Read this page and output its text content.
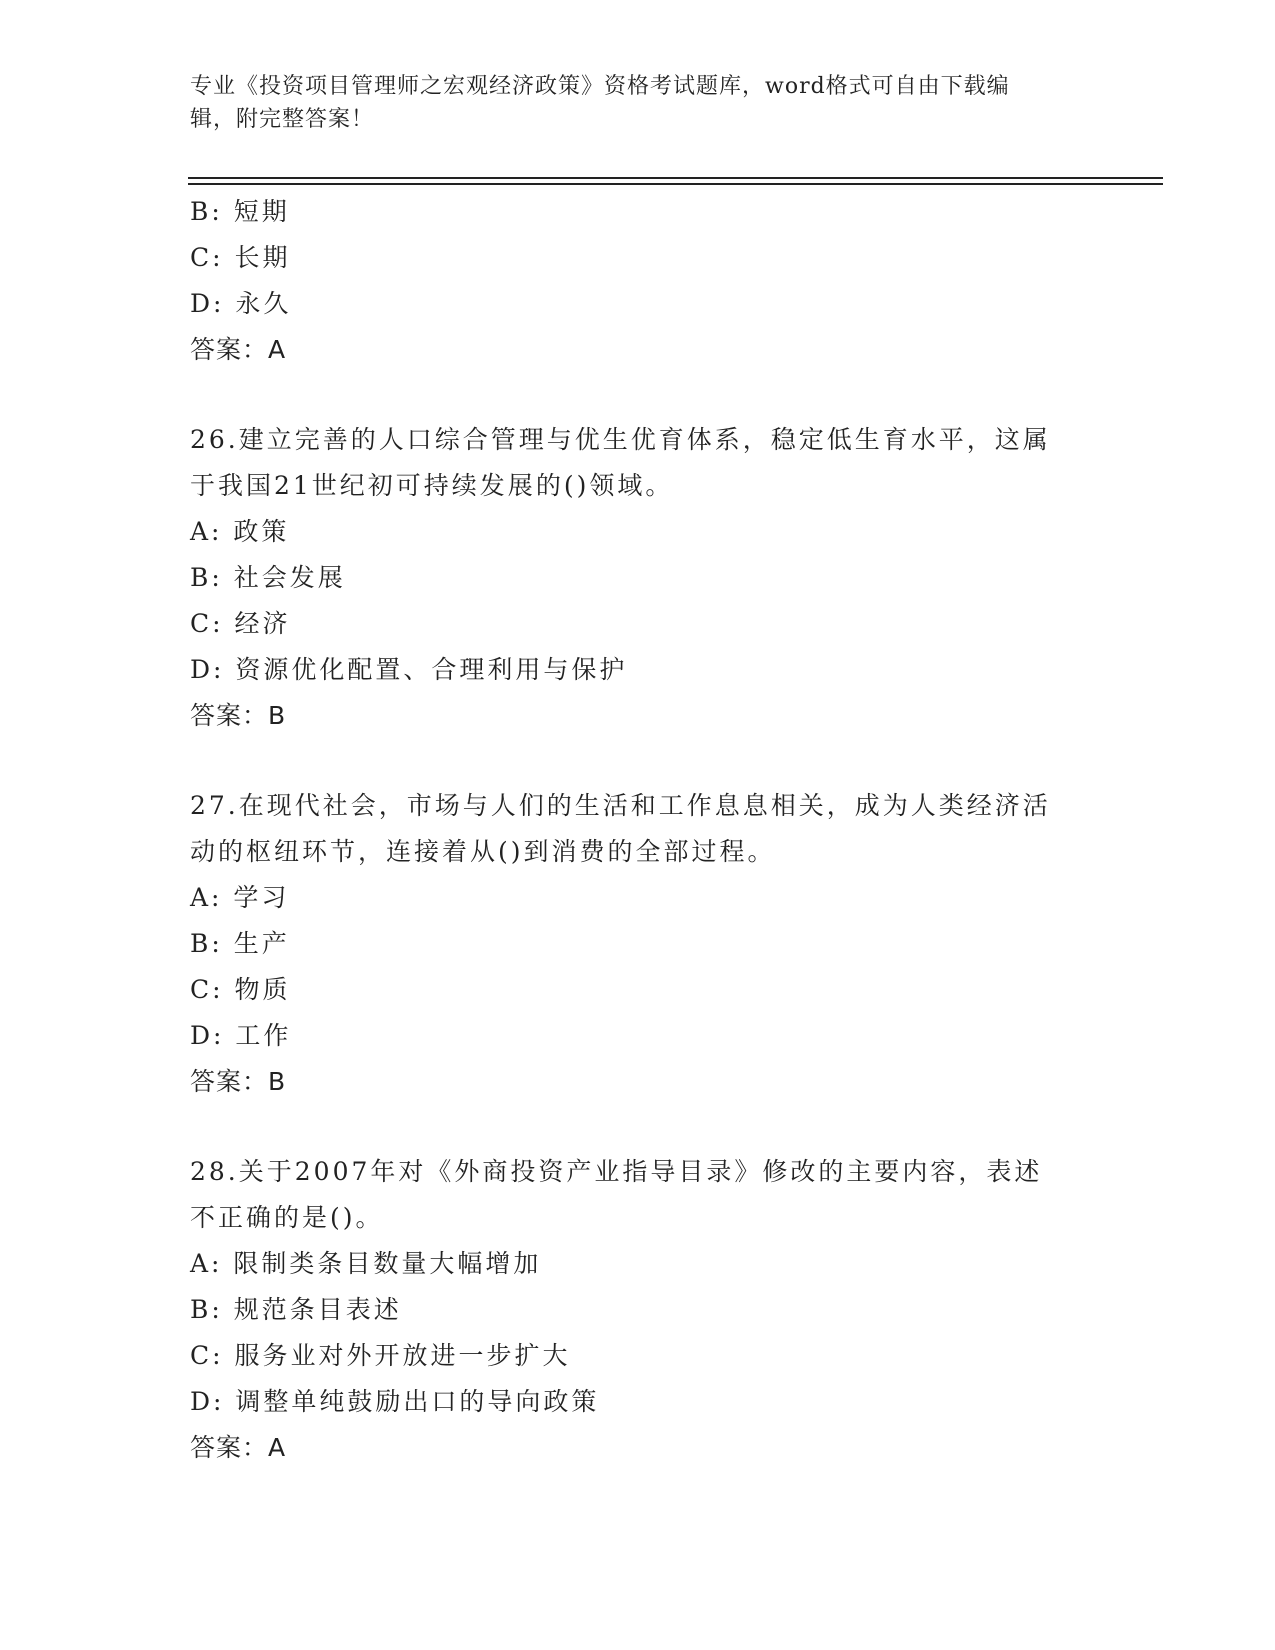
专业《投资项目管理师之宏观经济政策》资格考试题库，word格式可自由下载编
辑，附完整答案！
B: 短期
C: 长期
D: 永久
答案：A
26.建立完善的人口综合管理与优生优育体系，稳定低生育水平，这属
于我国21世纪初可持续发展的()领域。
A: 政策
B: 社会发展
C: 经济
D: 资源优化配置、合理利用与保护
答案：B
27.在现代社会，市场与人们的生活和工作息息相关，成为人类经济活
动的枢纽环节，连接着从()到消费的全部过程。
A: 学习
B: 生产
C: 物质
D: 工作
答案：B
28.关于2007年对《外商投资产业指导目录》修改的主要内容，表述
不正确的是()。
A: 限制类条目数量大幅增加
B: 规范条目表述
C: 服务业对外开放进一步扩大
D: 调整单纯鼓励出口的导向政策
答案：A
